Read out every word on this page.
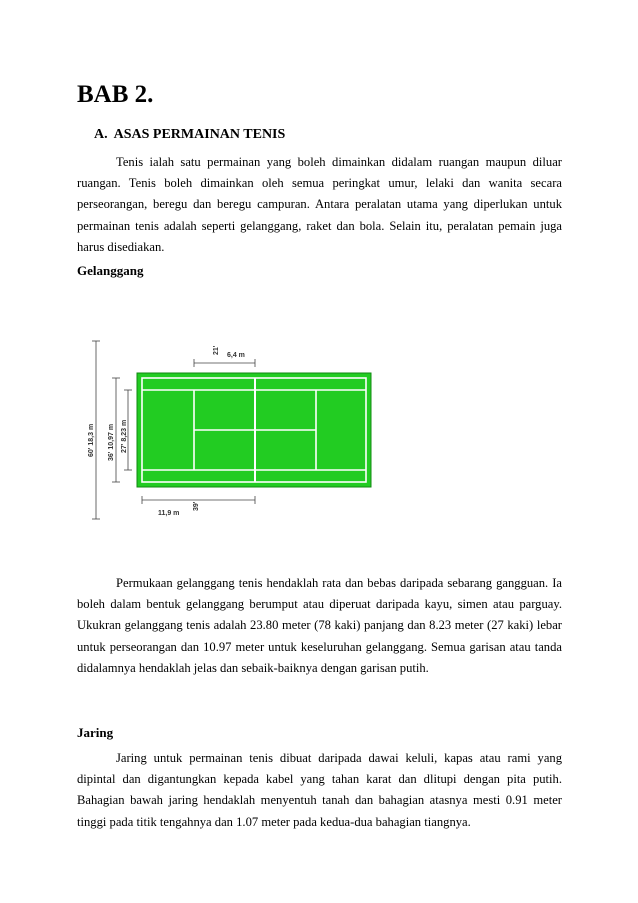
BAB 2.
A. ASAS PERMAINAN TENIS

Tenis ialah satu permainan yang boleh dimainkan didalam ruangan maupun diluar ruangan. Tenis boleh dimainkan oleh semua peringkat umur, lelaki dan wanita secara perseorangan, beregu dan beregu campuran. Antara peralatan utama yang diperlukan untuk permainan tenis adalah seperti gelanggang, raket dan bola. Selain itu, peralatan pemain juga harus disediakan.

Gelanggang
6,4 m
21'
11,9 m
39'
27' 8,23 m
36' 10,97 m
60' 18,3 m

Permukaan gelanggang tenis hendaklah rata dan bebas daripada sebarang gangguan. Ia boleh dalam bentuk gelanggang berumput atau diperuat daripada kayu, simen atau parguay. Ukukran gelanggang tenis adalah 23.80 meter (78 kaki) panjang dan 8.23 meter (27 kaki) lebar untuk perseorangan dan 10.97 meter untuk keseluruhan gelanggang. Semua garisan atau tanda didalamnya hendaklah jelas dan sebaik-baiknya dengan garisan putih.

Jaring

Jaring untuk permainan tenis dibuat daripada dawai keluli, kapas atau rami yang dipintal dan digantungkan kepada kabel yang tahan karat dan dlitupi dengan pita putih. Bahagian bawah jaring hendaklah menyentuh tanah dan bahagian atasnya mesti 0.91 meter tinggi pada titik tengahnya dan 1.07 meter pada kedua-dua bahagian tiangnya.
